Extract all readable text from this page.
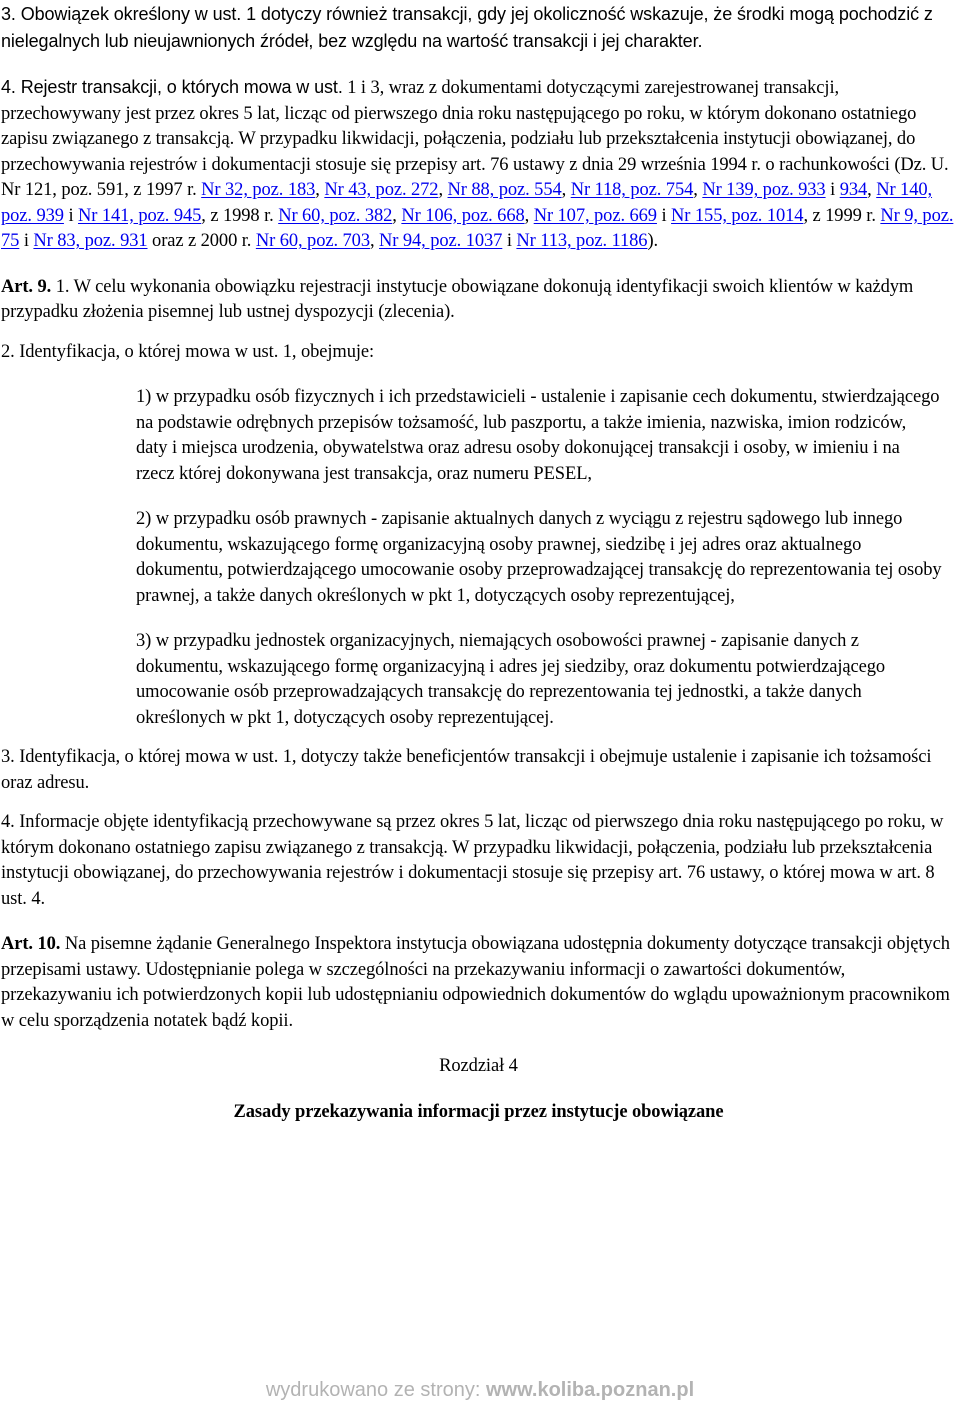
3. Obowiązek określony w ust. 1 dotyczy również transakcji, gdy jej okoliczność wskazuje, że środki mogą pochodzić z nielegalnych lub nieujawnionych źródeł, bez względu na wartość transakcji i jej charakter.

4. Rejestr transakcji, o których mowa w ust. 1 i 3, wraz z dokumentami dotyczącymi zarejestrowanej transakcji, przechowywany jest przez okres 5 lat, licząc od pierwszego dnia roku następującego po roku, w którym dokonano ostatniego zapisu związanego z transakcją. W przypadku likwidacji, połączenia, podziału lub przekształcenia instytucji obowiązanej, do przechowywania rejestrów i dokumentacji stosuje się przepisy art. 76 ustawy z dnia 29 września 1994 r. o rachunkowości (Dz. U. Nr 121, poz. 591, z 1997 r. Nr 32, poz. 183, Nr 43, poz. 272, Nr 88, poz. 554, Nr 118, poz. 754, Nr 139, poz. 933 i 934, Nr 140, poz. 939 i Nr 141, poz. 945, z 1998 r. Nr 60, poz. 382, Nr 106, poz. 668, Nr 107, poz. 669 i Nr 155, poz. 1014, z 1999 r. Nr 9, poz. 75 i Nr 83, poz. 931 oraz z 2000 r. Nr 60, poz. 703, Nr 94, poz. 1037 i Nr 113, poz. 1186).

Art. 9. 1. W celu wykonania obowiązku rejestracji instytucje obowiązane dokonują identyfikacji swoich klientów w każdym przypadku złożenia pisemnej lub ustnej dyspozycji (zlecenia).

2. Identyfikacja, o której mowa w ust. 1, obejmuje:

1) w przypadku osób fizycznych i ich przedstawicieli - ustalenie i zapisanie cech dokumentu, stwierdzającego na podstawie odrębnych przepisów tożsamość, lub paszportu, a także imienia, nazwiska, imion rodziców, daty i miejsca urodzenia, obywatelstwa oraz adresu osoby dokonującej transakcji i osoby, w imieniu i na rzecz której dokonywana jest transakcja, oraz numeru PESEL,

2) w przypadku osób prawnych - zapisanie aktualnych danych z wyciągu z rejestru sądowego lub innego dokumentu, wskazującego formę organizacyjną osoby prawnej, siedzibę i jej adres oraz aktualnego dokumentu, potwierdzającego umocowanie osoby przeprowadzającej transakcję do reprezentowania tej osoby prawnej, a także danych określonych w pkt 1, dotyczących osoby reprezentującej,

3) w przypadku jednostek organizacyjnych, niemających osobowości prawnej - zapisanie danych z dokumentu, wskazującego formę organizacyjną i adres jej siedziby, oraz dokumentu potwierdzającego umocowanie osób przeprowadzających transakcję do reprezentowania tej jednostki, a także danych określonych w pkt 1, dotyczących osoby reprezentującej.

3. Identyfikacja, o której mowa w ust. 1, dotyczy także beneficjentów transakcji i obejmuje ustalenie i zapisanie ich tożsamości oraz adresu.

4. Informacje objęte identyfikacją przechowywane są przez okres 5 lat, licząc od pierwszego dnia roku następującego po roku, w którym dokonano ostatniego zapisu związanego z transakcją. W przypadku likwidacji, połączenia, podziału lub przekształcenia instytucji obowiązanej, do przechowywania rejestrów i dokumentacji stosuje się przepisy art. 76 ustawy, o której mowa w art. 8 ust. 4.

Art. 10. Na pisemne żądanie Generalnego Inspektora instytucja obowiązana udostępnia dokumenty dotyczące transakcji objętych przepisami ustawy. Udostępnianie polega w szczególności na przekazywaniu informacji o zawartości dokumentów, przekazywaniu ich potwierdzonych kopii lub udostępnianiu odpowiednich dokumentów do wglądu upoważnionym pracownikom w celu sporządzenia notatek bądź kopii.

Rozdział 4

Zasady przekazywania informacji przez instytucje obowiązane

wydrukowano ze strony: www.koliba.poznan.pl
